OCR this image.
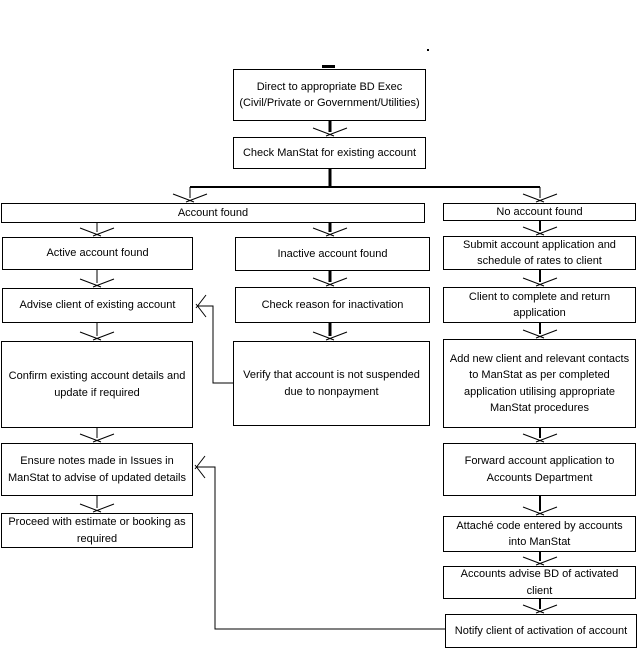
Direct to appropriate BD Exec (Civil/Private or Government/Utilities)
Check ManStat for existing account
Account found	No account found
Active account found	Inactive account found
Submit account application and schedule of rates to client
Advise client of existing account	Check reason for inactivation
Client to complete and return application
Confirm existing account details and update if required
Verify that account is not suspended due to nonpayment
Add new client and relevant contacts to ManStat as per completed application utilising appropriate ManStat procedures
Ensure notes made in Issues in ManStat to advise of updated details
Forward account application to Accounts Department
Proceed with estimate or booking as required
Attaché code entered by accounts into ManStat
Accounts advise BD of activated client
Notify client of activation of account
